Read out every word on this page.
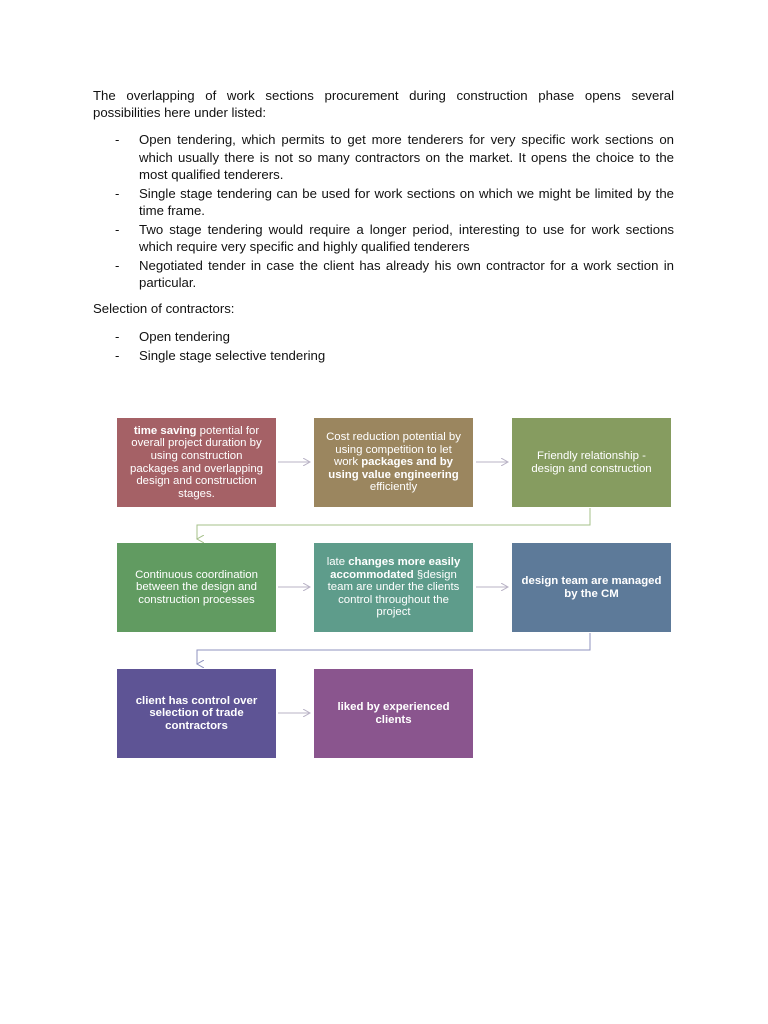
The overlapping of work sections procurement during construction phase opens several possibilities here under listed:

- Open tendering, which permits to get more tenderers for very specific work sections on which usually there is not so many contractors on the market. It opens the choice to the most qualified tenderers.
- Single stage tendering can be used for work sections on which we might be limited by the time frame.
- Two stage tendering would require a longer period, interesting to use for work sections which require very specific and highly qualified tenderers
- Negotiated tender in case the client has already his own contractor for a work section in particular.

Selection of contractors:

- Open tendering
- Single stage selective tendering
time saving potential for overall project duration by using construction packages and overlapping design and construction stages.
Cost reduction potential by using competition to let work packages and by using value engineering efficiently
Friendly relationship - design and construction
Continuous coordination between the design and construction processes
late changes more easily accommodated §design team are under the clients control throughout the project
design team are managed by the CM
client has control over selection of trade contractors
liked by experienced clients
